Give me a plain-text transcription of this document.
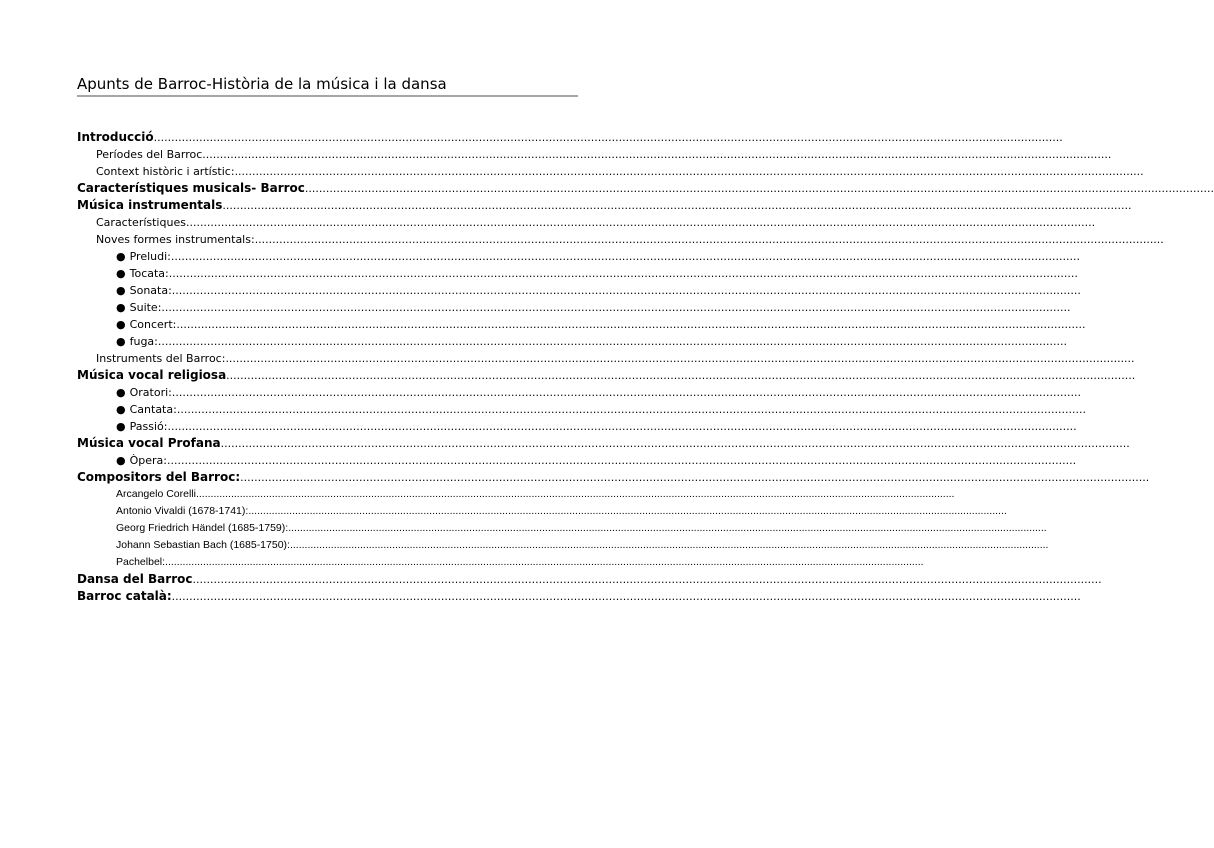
Apunts de Barroc-Història de la música i la dansa
Introducció ....................................................................................................................................................................................................................................................................
Períodes del Barroc ....................................................................................................................................................................................................................................................................
Context històric i artístic: ....................................................................................................................................................................................................................................................................
Característiques musicals- Barroc ....................................................................................................................................................................................................................................................................
Música instrumentals ....................................................................................................................................................................................................................................................................
Característiques ....................................................................................................................................................................................................................................................................
Noves formes instrumentals: ....................................................................................................................................................................................................................................................................
● Preludi: ....................................................................................................................................................................................................................................................................
● Tocata: ....................................................................................................................................................................................................................................................................
● Sonata: ....................................................................................................................................................................................................................................................................
● Suite: ....................................................................................................................................................................................................................................................................
● Concert: ....................................................................................................................................................................................................................................................................
● fuga: ....................................................................................................................................................................................................................................................................
Instruments del Barroc: ....................................................................................................................................................................................................................................................................
Música vocal religiosa ....................................................................................................................................................................................................................................................................
● Oratori: ....................................................................................................................................................................................................................................................................
● Cantata: ....................................................................................................................................................................................................................................................................
● Passió: ....................................................................................................................................................................................................................................................................
Música vocal Profana ....................................................................................................................................................................................................................................................................
● Òpera: ....................................................................................................................................................................................................................................................................
Compositors del Barroc: ....................................................................................................................................................................................................................................................................
Arcangelo Corelli ....................................................................................................................................................................................................................................................................
Antonio Vivaldi (1678-1741): ....................................................................................................................................................................................................................................................................
Georg Friedrich Händel (1685-1759): ....................................................................................................................................................................................................................................................................
Johann Sebastian Bach (1685-1750): ....................................................................................................................................................................................................................................................................
Pachelbel: ....................................................................................................................................................................................................................................................................
Dansa del Barroc ....................................................................................................................................................................................................................................................................
Barroc català: ....................................................................................................................................................................................................................................................................
